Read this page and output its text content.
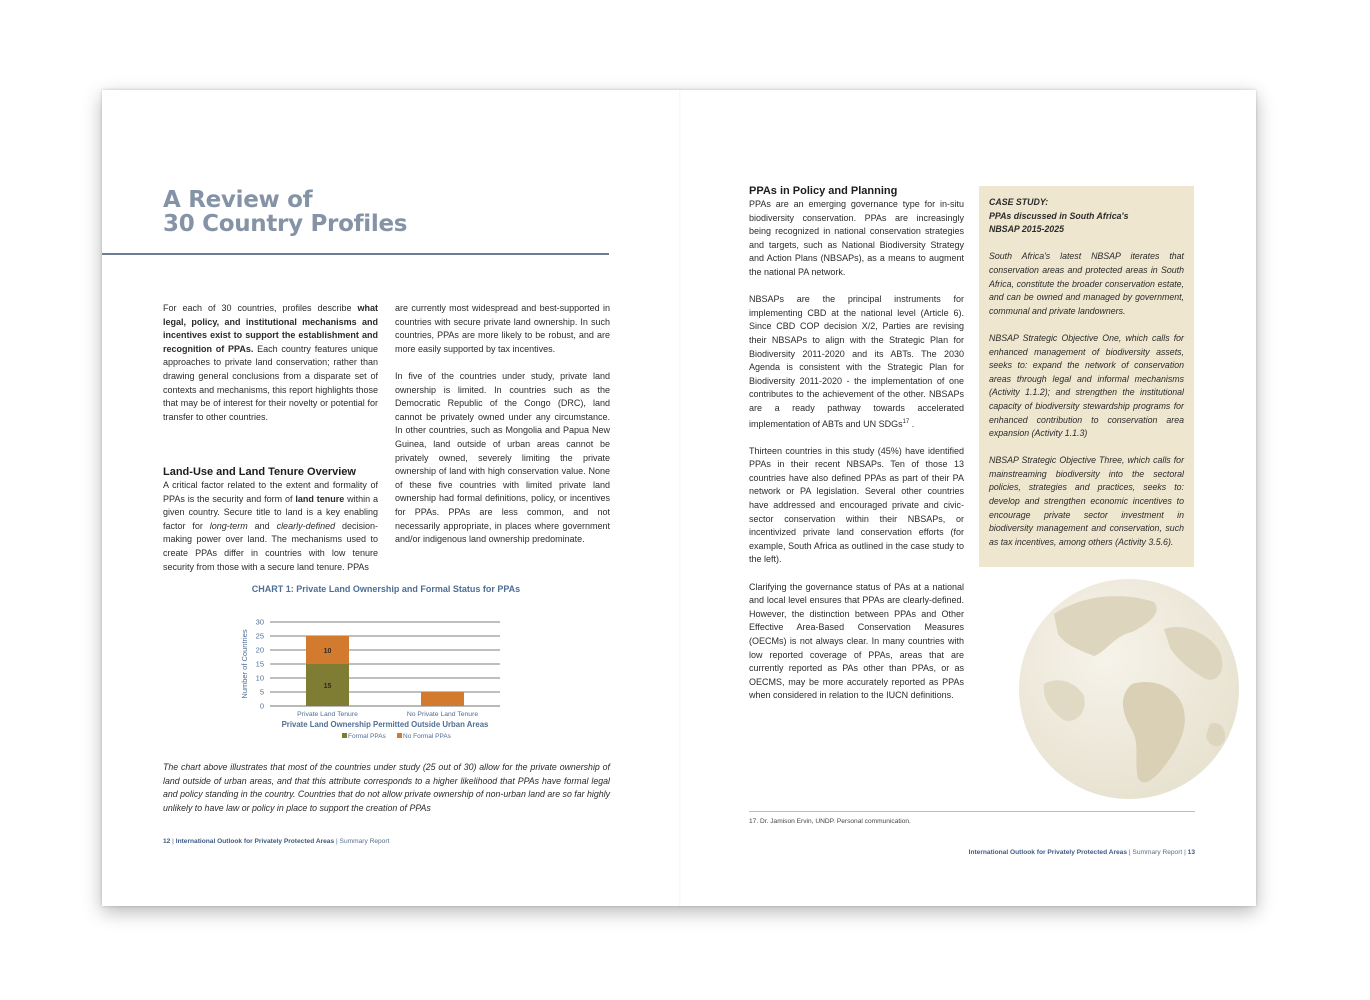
A Review of
30 Country Profiles

For each of 30 countries, profiles describe what legal, policy, and institutional mechanisms and incentives exist to support the establishment and recognition of PPAs. Each country features unique approaches to private land conservation; rather than drawing general conclusions from a disparate set of contexts and mechanisms, this report highlights those that may be of interest for their novelty or potential for transfer to other countries.

Land-Use and Land Tenure Overview

A critical factor related to the extent and formality of PPAs is the security and form of land tenure within a given country. Secure title to land is a key enabling factor for long-term and clearly-defined decision-making power over land. The mechanisms used to create PPAs differ in countries with low tenure security from those with a secure land tenure. PPAs

are currently most widespread and best-supported in countries with secure private land ownership. In such countries, PPAs are more likely to be robust, and are more easily supported by tax incentives.

In five of the countries under study, private land ownership is limited. In countries such as the Democratic Republic of the Congo (DRC), land cannot be privately owned under any circumstance. In other countries, such as Mongolia and Papua New Guinea, land outside of urban areas cannot be privately owned, severely limiting the private ownership of land with high conservation value. None of these five countries with limited private land ownership had formal definitions, policy, or incentives for PPAs. PPAs are less common, and not necessarily appropriate, in places where government and/or indigenous land ownership predominate.

CHART 1: Private Land Ownership and Formal Status for PPAs

0
5
10
15
20
25
30
Number of Countries	15
10
Private Land Tenure	No Private Land Tenure
Private Land Ownership Permitted Outside Urban Areas
Formal PPAs	No Formal PPAs

The chart above illustrates that most of the countries under study (25 out of 30) allow for the private ownership of land outside of urban areas, and that this attribute corresponds to a higher likelihood that PPAs have formal legal and policy standing in the country. Countries that do not allow private ownership of non-urban land are so far highly unlikely to have law or policy in place to support the creation of PPAs

12 | International Outlook for Privately Protected Areas | Summary Report
PPAs in Policy and Planning

PPAs are an emerging governance type for in-situ biodiversity conservation. PPAs are increasingly being recognized in national conservation strategies and targets, such as National Biodiversity Strategy and Action Plans (NBSAPs), as a means to augment the national PA network.

NBSAPs are the principal instruments for implementing CBD at the national level (Article 6). Since CBD COP decision X/2, Parties are revising their NBSAPs to align with the Strategic Plan for Biodiversity 2011-2020 and its ABTs. The 2030 Agenda is consistent with the Strategic Plan for Biodiversity 2011-2020 - the implementation of one contributes to the achievement of the other. NBSAPs are a ready pathway towards accelerated implementation of ABTs and UN SDGs$^{17}$ .

Thirteen countries in this study (45%) have identified PPAs in their recent NBSAPs. Ten of those 13 countries have also defined PPAs as part of their PA network or PA legislation. Several other countries have addressed and encouraged private and civic-sector conservation within their NBSAPs, or incentivized private land conservation efforts (for example, South Africa as outlined in the case study to the left).

Clarifying the governance status of PAs at a national and local level ensures that PPAs are clearly-defined. However, the distinction between PPAs and Other Effective Area-Based Conservation Measures (OECMs) is not always clear. In many countries with low reported coverage of PPAs, areas that are currently reported as PAs other than PPAs, or as OECMS, may be more accurately reported as PPAs when considered in relation to the IUCN definitions.

CASE STUDY:
PPAs discussed in South Africa's
NBSAP 2015-2025

South Africa's latest NBSAP iterates that conservation areas and protected areas in South Africa, constitute the broader conservation estate, and can be owned and managed by government, communal and private landowners.

NBSAP Strategic Objective One, which calls for enhanced management of biodiversity assets, seeks to: expand the network of conservation areas through legal and informal mechanisms (Activity 1.1.2); and strengthen the institutional capacity of biodiversity stewardship programs for enhanced contribution to conservation area expansion (Activity 1.1.3)

NBSAP Strategic Objective Three, which calls for mainstreaming biodiversity into the sectoral policies, strategies and practices, seeks to: develop and strengthen economic incentives to encourage private sector investment in biodiversity management and conservation, such as tax incentives, among others (Activity 3.5.6).

17. Dr. Jamison Ervin, UNDP. Personal communication.
International Outlook for Privately Protected Areas | Summary Report | 13
